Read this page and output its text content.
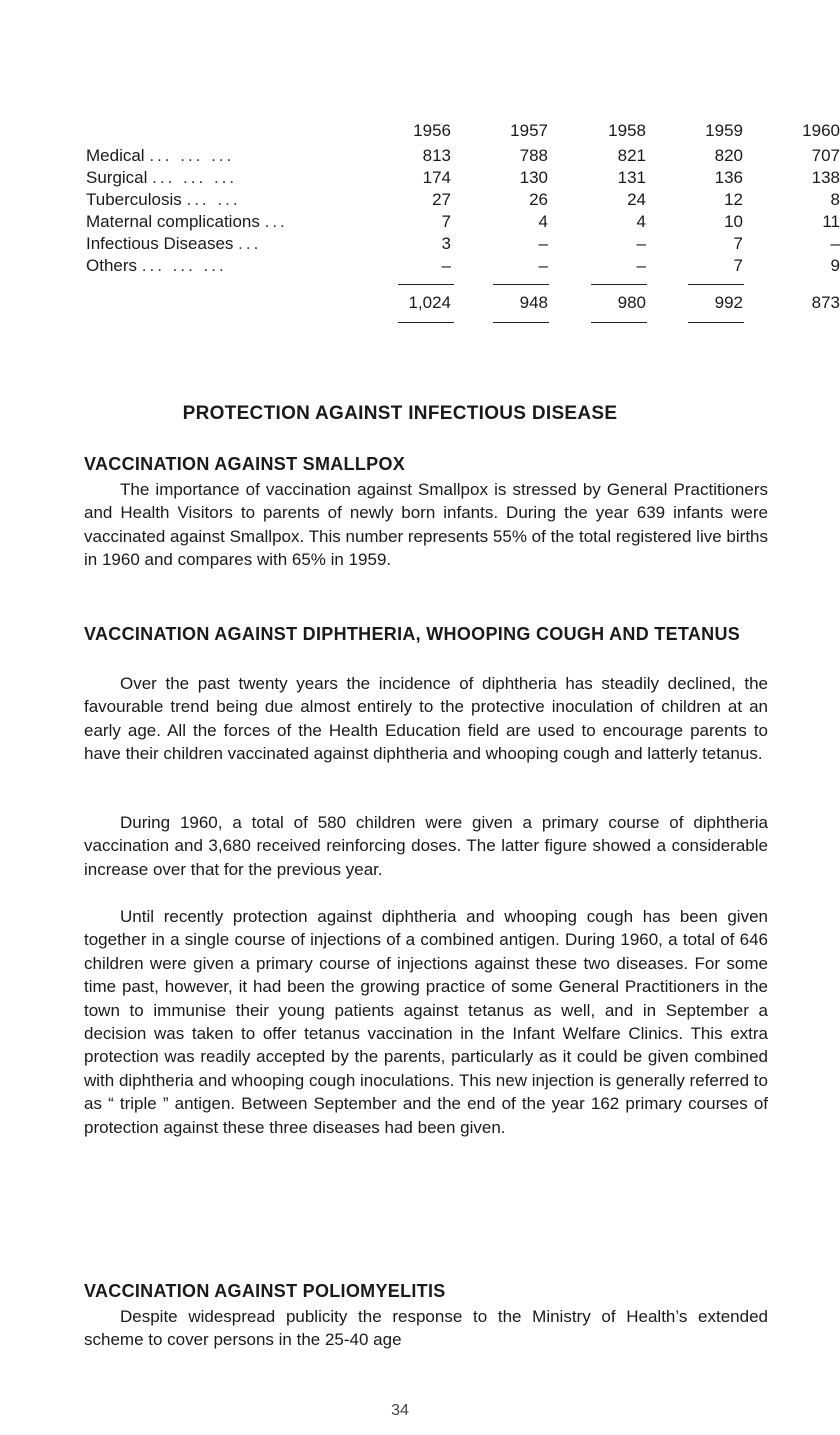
1956	1957	1958	1959	1960
Medical ... ... ...	813	788	821	820	707
Surgical ... ... ...	174	130	131	136	138
Tuberculosis ... ...	27	26	24	12	8
Maternal complications ...	7	4	4	10	11
Infectious Diseases ...	3	–	–	7	–
Others ... ... ...	–	–	–	7	9
1,024	948	980	992	873
PROTECTION AGAINST INFECTIOUS DISEASE
VACCINATION AGAINST SMALLPOX

The importance of vaccination against Smallpox is stressed by General Practitioners and Health Visitors to parents of newly born infants. During the year 639 infants were vaccinated against Smallpox. This number represents 55% of the total registered live births in 1960 and compares with 65% in 1959.

VACCINATION AGAINST DIPHTHERIA, WHOOPING COUGH AND TETANUS

Over the past twenty years the incidence of diphtheria has steadily declined, the favourable trend being due almost entirely to the protective inoculation of children at an early age. All the forces of the Health Education field are used to encourage parents to have their children vaccinated against diphtheria and whooping cough and latterly tetanus.

During 1960, a total of 580 children were given a primary course of diphtheria vaccination and 3,680 received reinforcing doses. The latter figure showed a considerable increase over that for the previous year.

Until recently protection against diphtheria and whooping cough has been given together in a single course of injections of a combined antigen. During 1960, a total of 646 children were given a primary course of injections against these two diseases. For some time past, however, it had been the growing practice of some General Practitioners in the town to immunise their young patients against tetanus as well, and in September a decision was taken to offer tetanus vaccination in the Infant Welfare Clinics. This extra protection was readily accepted by the parents, particularly as it could be given combined with diphtheria and whooping cough inoculations. This new injection is generally referred to as “ triple ” antigen. Between September and the end of the year 162 primary courses of protection against these three diseases had been given.

VACCINATION AGAINST POLIOMYELITIS

Despite widespread publicity the response to the Ministry of Health’s extended scheme to cover persons in the 25-40 age

34
